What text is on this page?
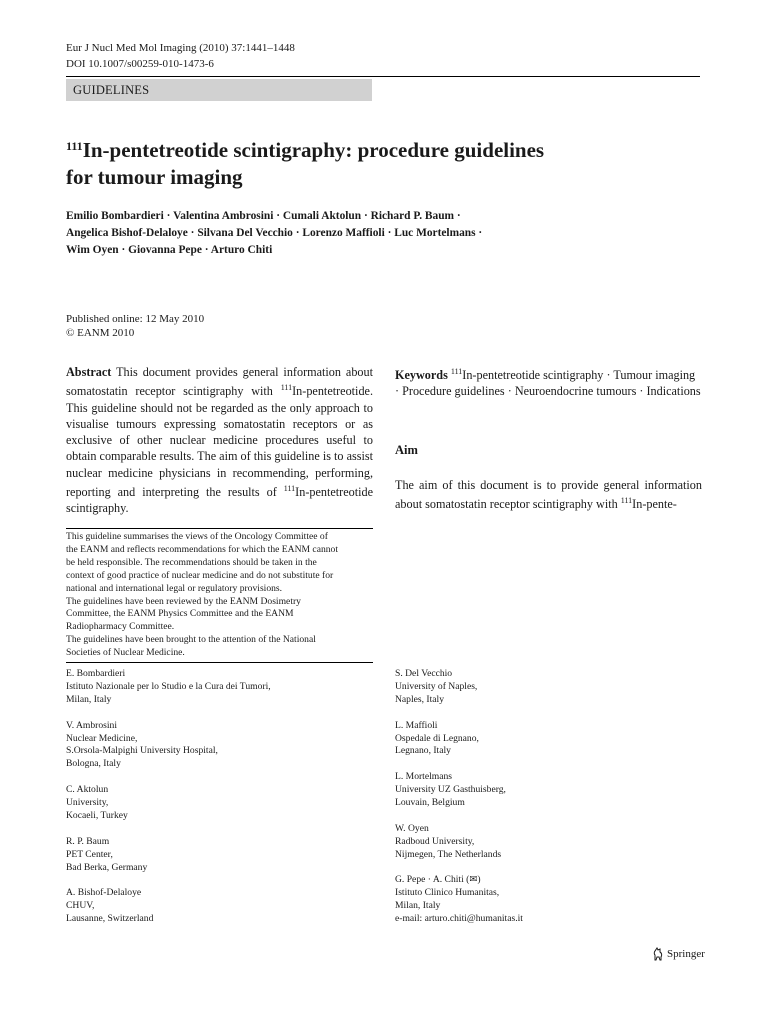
Eur J Nucl Med Mol Imaging (2010) 37:1441–1448
DOI 10.1007/s00259-010-1473-6
GUIDELINES
$^{111}$In-pentetreotide scintigraphy: procedure guidelines
for tumour imaging
Emilio Bombardieri · Valentina Ambrosini · Cumali Aktolun · Richard P. Baum ·
Angelica Bishof-Delaloye · Silvana Del Vecchio · Lorenzo Maffioli · Luc Mortelmans ·
Wim Oyen · Giovanna Pepe · Arturo Chiti
Published online: 12 May 2010
© EANM 2010
Abstract This document provides general information about somatostatin receptor scintigraphy with $^{111}$In-pentetreotide. This guideline should not be regarded as the only approach to visualise tumours expressing somatostatin receptors or as exclusive of other nuclear medicine procedures useful to obtain comparable results. The aim of this guideline is to assist nuclear medicine physicians in recommending, performing, reporting and interpreting the results of $^{111}$In-pentetreotide scintigraphy.
Keywords $^{111}$In-pentetreotide scintigraphy · Tumour imaging · Procedure guidelines · Neuroendocrine tumours · Indications
Aim
The aim of this document is to provide general information about somatostatin receptor scintigraphy with $^{111}$In-pente-
This guideline summarises the views of the Oncology Committee of
the EANM and reflects recommendations for which the EANM cannot
be held responsible. The recommendations should be taken in the
context of good practice of nuclear medicine and do not substitute for
national and international legal or regulatory provisions.
The guidelines have been reviewed by the EANM Dosimetry
Committee, the EANM Physics Committee and the EANM
Radiopharmacy Committee.
The guidelines have been brought to the attention of the National
Societies of Nuclear Medicine.
E. Bombardieri
Istituto Nazionale per lo Studio e la Cura dei Tumori,
Milan, Italy
V. Ambrosini
Nuclear Medicine,
S.Orsola-Malpighi University Hospital,
Bologna, Italy
C. Aktolun
University,
Kocaeli, Turkey
R. P. Baum
PET Center,
Bad Berka, Germany
A. Bishof-Delaloye
CHUV,
Lausanne, Switzerland
S. Del Vecchio
University of Naples,
Naples, Italy
L. Maffioli
Ospedale di Legnano,
Legnano, Italy
L. Mortelmans
University UZ Gasthuisberg,
Louvain, Belgium
W. Oyen
Radboud University,
Nijmegen, The Netherlands
G. Pepe · A. Chiti (✉)
Istituto Clinico Humanitas,
Milan, Italy
e-mail: arturo.chiti@humanitas.it
Springer
